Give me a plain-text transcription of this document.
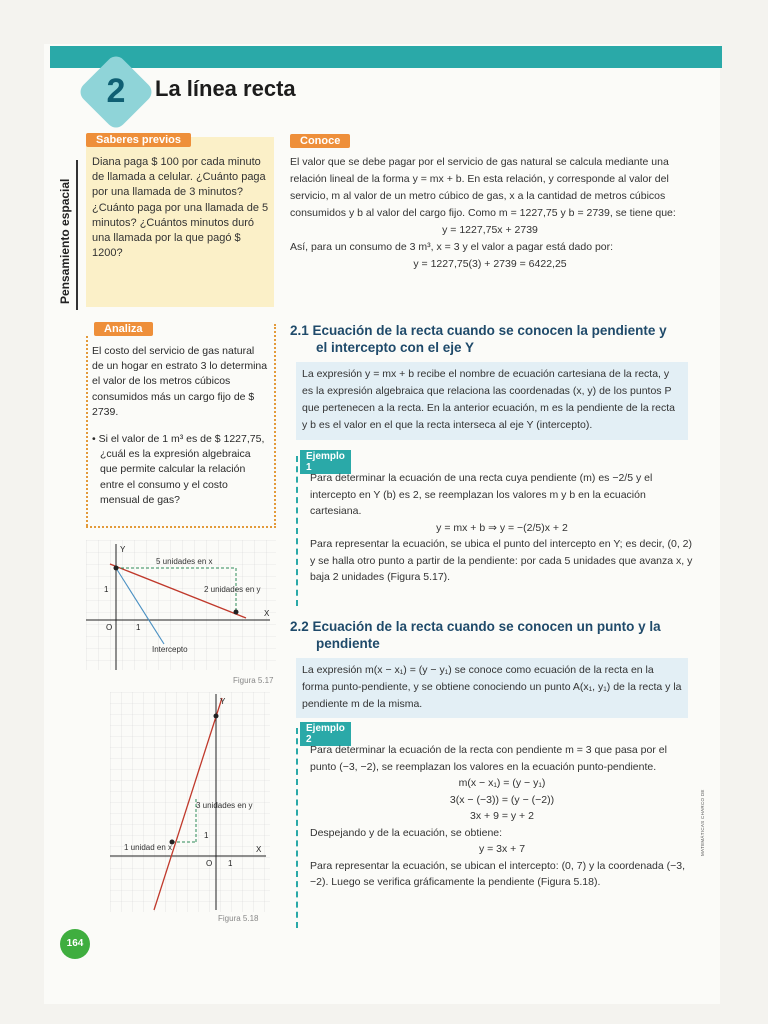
2	La línea recta
Pensamiento espacial
Saberes previos

Diana paga $ 100 por cada minuto de llamada a celular. ¿Cuánto paga por una llamada de 3 minutos? ¿Cuánto paga por una llamada de 5 minutos? ¿Cuántos minutos duró una llamada por la que pagó $ 1200?

Conoce
El valor que se debe pagar por el servicio de gas natural se calcula mediante una relación lineal de la forma y = mx + b. En esta relación, y corresponde al valor del servicio, m al valor de un metro cúbico de gas, x a la cantidad de metros cúbicos consumidos y b al valor del cargo fijo. Como m = 1227,75 y b = 2739, se tiene que:
y = 1227,75x + 2739
Así, para un consumo de 3 m³, x = 3 y el valor a pagar está dado por:
y = 1227,75(3) + 2739 = 6422,25
Analiza

El costo del servicio de gas natural de un hogar en estrato 3 lo determina el valor de los metros cúbicos consumidos más un cargo fijo de $ 2739.

• Si el valor de 1 m³ es de $ 1227,75, ¿cuál es la expresión algebraica que permite calcular la relación entre el consumo y el costo mensual de gas?
2.1 Ecuación de la recta cuando se conocen la pendiente y
el intercepto con el eje Y
La expresión y = mx + b recibe el nombre de ecuación cartesiana de la recta, y es la expresión algebraica que relaciona las coordenadas (x, y) de los puntos P que pertenecen a la recta. En la anterior ecuación, m es la pendiente de la recta y b es el valor en el que la recta interseca al eje Y (intercepto).
Ejemplo 1
Para determinar la ecuación de una recta cuya pendiente (m) es −2/5 y el intercepto en Y (b) es 2, se reemplazan los valores m y b en la ecuación cartesiana.
y = mx + b ⇒ y = −(2/5)x + 2
Para representar la ecuación, se ubica el punto del intercepto en Y; es decir, (0, 2) y se halla otro punto a partir de la pendiente: por cada 5 unidades que avanza x, y baja 2 unidades (Figura 5.17).
2.2 Ecuación de la recta cuando se conocen un punto y la
pendiente
La expresión m(x − x₁) = (y − y₁) se conoce como ecuación de la recta en la forma punto-pendiente, y se obtiene conociendo un punto A(x₁, y₁) de la recta y la pendiente m de la misma.
Ejemplo 2
Para determinar la ecuación de la recta con pendiente m = 3 que pasa por el punto (−3, −2), se reemplazan los valores en la ecuación punto-pendiente.
m(x − x₁) = (y − y₁)
3(x − (−3)) = (y − (−2))
3x + 9 = y + 2
Despejando y de la ecuación, se obtiene:
y = 3x + 7
Para representar la ecuación, se ubican el intercepto: (0, 7) y la coordenada (−3, −2). Luego se verifica gráficamente la pendiente (Figura 5.18).
5 unidades en x
2 unidades en y
Intercepto
X
Y
O	1
1
Figura 5.17
3 unidades en y
1 unidad en x	X
Y
O 1
1
Figura 5.18
164
MATEMÁTICAS CHARCO DE
